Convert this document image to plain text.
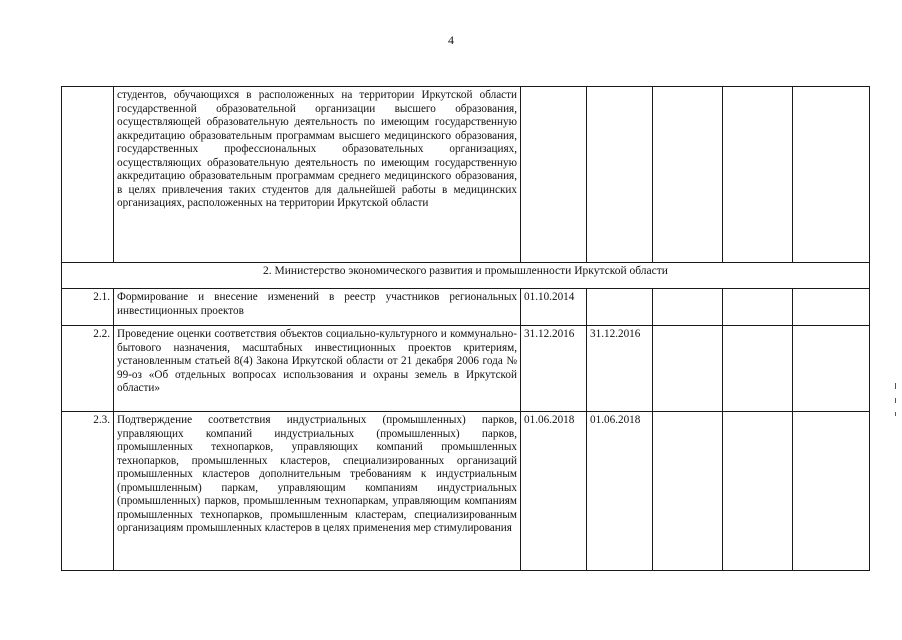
4
	студентов, обучающихся в расположенных на территории Иркутской области государственной образовательной организации высшего образования, осуществляющей образовательную деятельность по имеющим государственную аккредитацию образовательным программам высшего медицинского образования, государственных профессиональных образовательных организациях, осуществляющих образовательную деятельность по имеющим государственную аккредитацию образовательным программам среднего медицинского образования, в целях привлечения таких студентов для дальнейшей работы в медицинских организациях, расположенных на территории Иркутской области					
2. Министерство экономического развития и промышленности Иркутской области						
2.1.	Формирование и внесение изменений в реестр участников региональных инвестиционных проектов	01.10.2014				
2.2.	Проведение оценки соответствия объектов социально-культурного и коммунально-бытового назначения, масштабных инвестиционных проектов критериям, установленным статьей 8(4) Закона Иркутской области от 21 декабря 2006 года № 99-оз «Об отдельных вопросах использования и охраны земель в Иркутской области»	31.12.2016	31.12.2016			
2.3.	Подтверждение соответствия индустриальных (промышленных) парков, управляющих компаний индустриальных (промышленных) парков, промышленных технопарков, управляющих компаний промышленных технопарков, промышленных кластеров, специализированных организаций промышленных кластеров дополнительным требованиям к индустриальным (промышленным) паркам, управляющим компаниям индустриальных (промышленных) парков, промышленным технопаркам, управляющим компаниям промышленных технопарков, промышленным кластерам, специализированным организациям промышленных кластеров в целях применения мер стимулирования	01.06.2018	01.06.2018			
